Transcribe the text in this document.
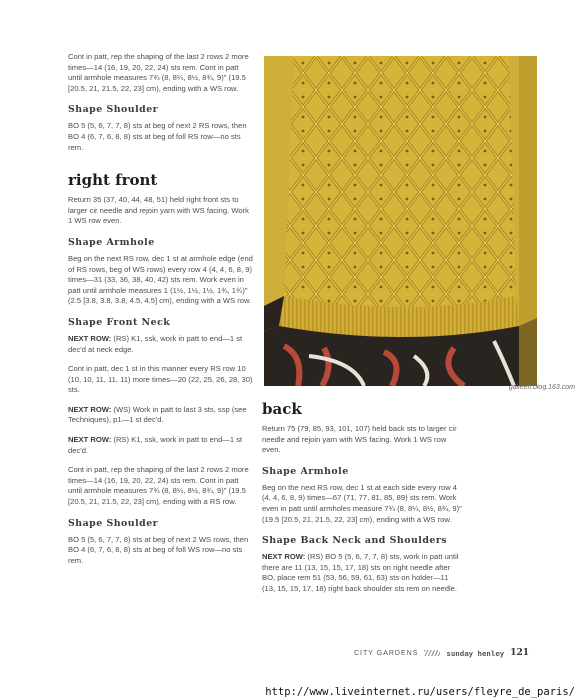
Cont in patt, rep the shaping of the last 2 rows 2 more times—14 (16, 19, 20, 22, 24) sts rem. Cont in patt until armhole measures 7¾ (8, 8¼, 8½, 8¾, 9)" (19.5 [20.5, 21, 21.5, 22, 23] cm), ending with a WS row.

Shape Shoulder

BO 5 (5, 6, 7, 7, 8) sts at beg of next 2 RS rows, then BO 4 (6, 7, 6, 8, 8) sts at beg of foll RS row—no sts rem.

right front

Return 35 (37, 40, 44, 48, 51) held right front sts to larger cir needle and rejoin yarn with WS facing. Work 1 WS row even.

Shape Armhole

Beg on the next RS row, dec 1 st at armhole edge (end of RS rows, beg of WS rows) every row 4 (4, 4, 6, 8, 9) times—31 (33, 36, 38, 40, 42) sts rem. Work even in patt until armhole measures 1 (1½, 1½, 1½, 1¾, 1¾)" (2.5 [3.8, 3.8, 3.8, 4.5, 4.5] cm), ending with a WS row.

Shape Front Neck

NEXT ROW: (RS) K1, ssk, work in patt to end—1 st dec'd at neck edge.

Cont in patt, dec 1 st in this manner every RS row 10 (10, 10, 11, 11, 11) more times—20 (22, 25, 26, 28, 30) sts.

NEXT ROW: (WS) Work in patt to last 3 sts, ssp (see Techniques), p1—1 st dec'd.

NEXT ROW: (RS) K1, ssk, work in patt to end—1 st dec'd.

Cont in patt, rep the shaping of the last 2 rows 2 more times—14 (16, 19, 20, 22, 24) sts rem. Cont in patt until armhole measures 7¾ (8, 8¼, 8½, 8¾, 9)" (19.5 [20.5, 21, 21.5, 22, 23] cm), ending with a RS row.

Shape Shoulder

BO 5 (5, 6, 7, 7, 8) sts at beg of next 2 WS rows, then BO 4 (6, 7, 6, 8, 8) sts at beg of foll WS row—no sts rem.

galieefl.blog.163.com
back

Return 75 (79, 85, 93, 101, 107) held back sts to larger cir needle and rejoin yarn with WS facing. Work 1 WS row even.

Shape Armhole

Beg on the next RS row, dec 1 st at each side every row 4 (4, 4, 6, 8, 9) times—67 (71, 77, 81, 85, 89) sts rem. Work even in patt until armholes measure 7¾ (8, 8¼, 8½, 8¾, 9)" (19.5 [20.5, 21, 21.5, 22, 23] cm), ending with a WS row.

Shape Back Neck and Shoulders

NEXT ROW: (RS) BO 5 (5, 6, 7, 7, 8) sts, work in patt until there are 11 (13, 15, 15, 17, 18) sts on right needle after BO, place rem 51 (53, 56, 59, 61, 63) sts on holder—11 (13, 15, 15, 17, 18) right back shoulder sts rem on needle.

CITY GARDENS	sunday henley 121
http://www.liveinternet.ru/users/fleyre_de_paris/
